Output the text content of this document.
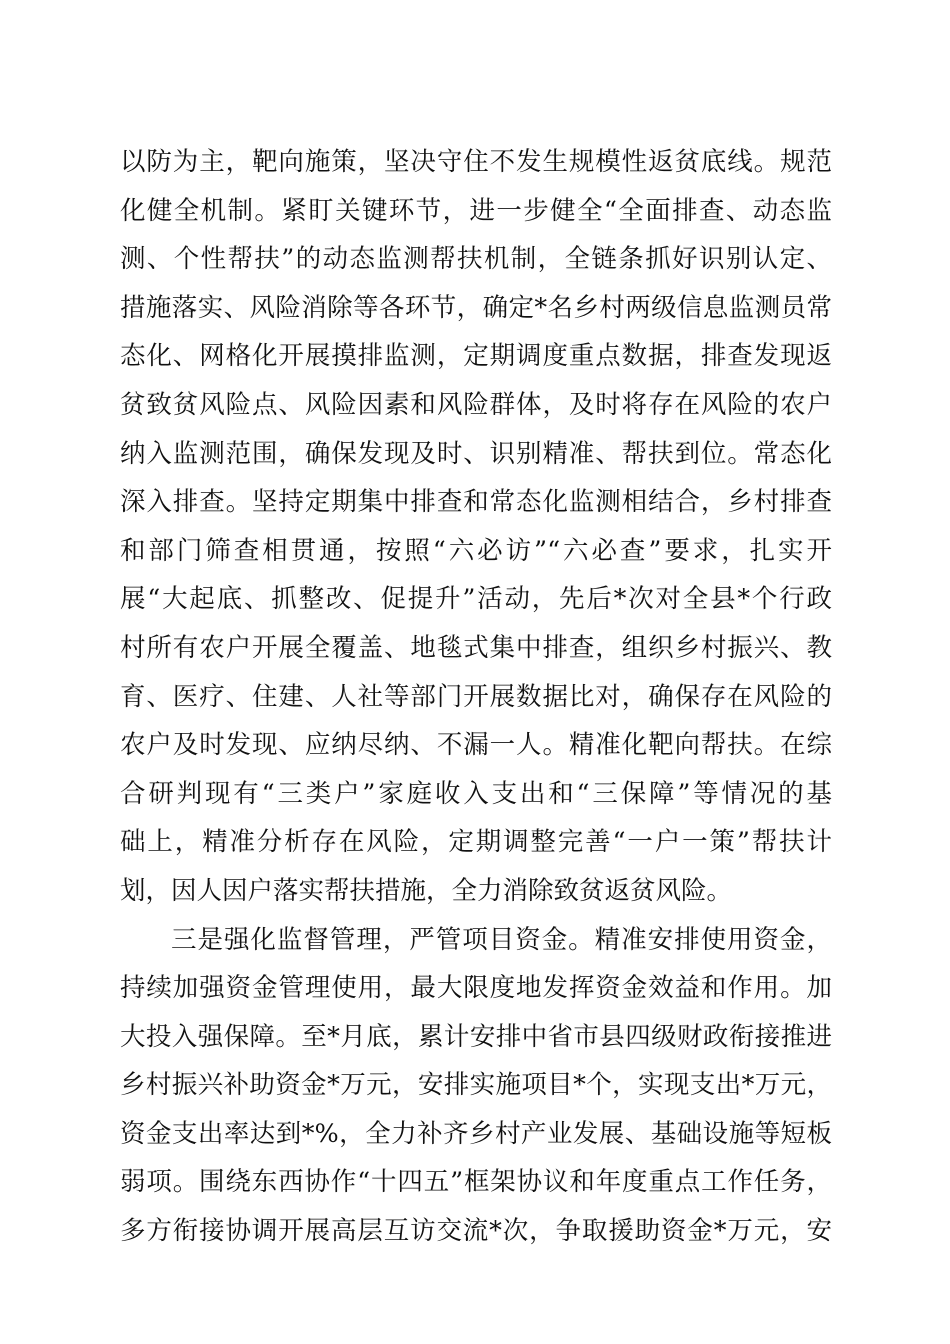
以防为主，靶向施策，坚决守住不发生规模性返贫底线。规范
化健全机制。紧盯关键环节，进一步健全“全面排查、动态监
测、个性帮扶”的动态监测帮扶机制，全链条抓好识别认定、
措施落实、风险消除等各环节，确定*名乡村两级信息监测员常
态化、网格化开展摸排监测，定期调度重点数据，排查发现返
贫致贫风险点、风险因素和风险群体，及时将存在风险的农户
纳入监测范围，确保发现及时、识别精准、帮扶到位。常态化
深入排查。坚持定期集中排查和常态化监测相结合，乡村排查
和部门筛查相贯通，按照“六必访”“六必查”要求，扎实开
展“大起底、抓整改、促提升”活动，先后*次对全县*个行政
村所有农户开展全覆盖、地毯式集中排查，组织乡村振兴、教
育、医疗、住建、人社等部门开展数据比对，确保存在风险的
农户及时发现、应纳尽纳、不漏一人。精准化靶向帮扶。在综
合研判现有“三类户”家庭收入支出和“三保障”等情况的基
础上，精准分析存在风险，定期调整完善“一户一策”帮扶计
划，因人因户落实帮扶措施，全力消除致贫返贫风险。
三是强化监督管理，严管项目资金。精准安排使用资金，
持续加强资金管理使用，最大限度地发挥资金效益和作用。加
大投入强保障。至*月底，累计安排中省市县四级财政衔接推进
乡村振兴补助资金*万元，安排实施项目*个，实现支出*万元，
资金支出率达到*%，全力补齐乡村产业发展、基础设施等短板
弱项。围绕东西协作“十四五”框架协议和年度重点工作任务，
多方衔接协调开展高层互访交流*次，争取援助资金*万元，安
